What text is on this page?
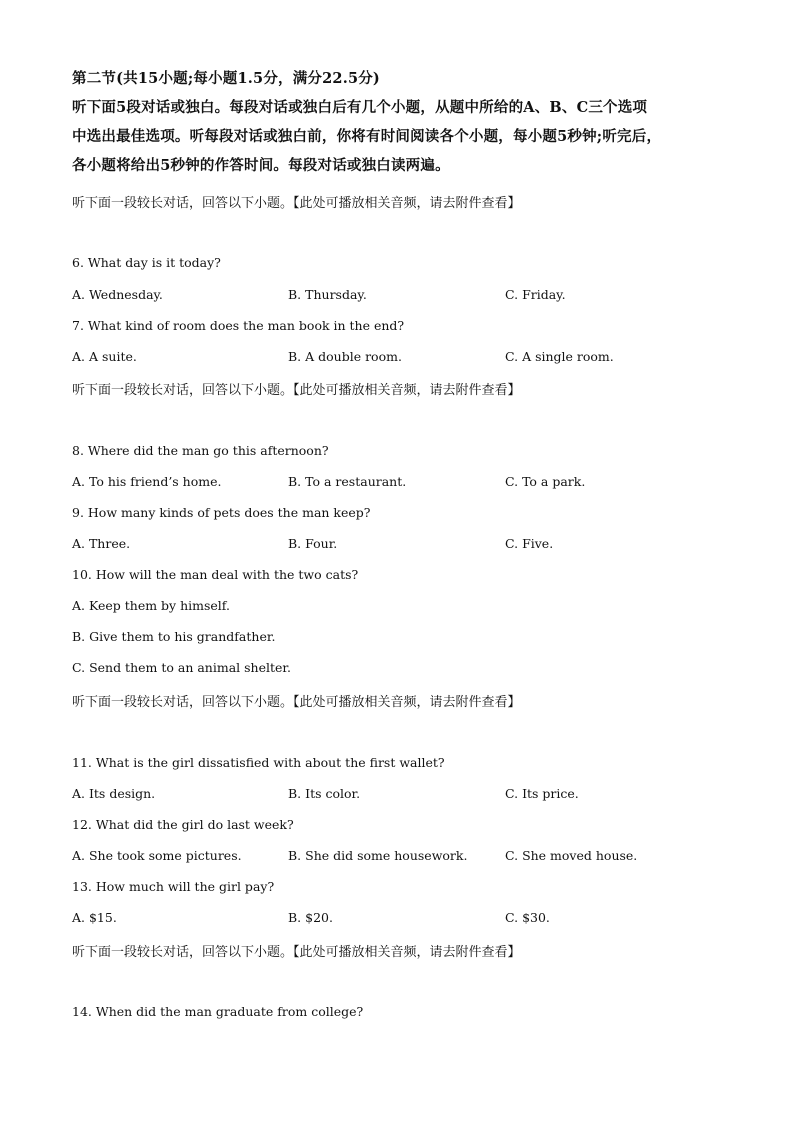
第二节(共15小题;每小题1.5分，满分22.5分)
听下面5段对话或独白。每段对话或独白后有几个小题，从题中所给的A、B、C三个选项
中选出最佳选项。听每段对话或独白前，你将有时间阅读各个小题，每小题5秒钟;听完后，
各小题将给出5秒钟的作答时间。每段对话或独白读两遍。
听下面一段较长对话，回答以下小题。【此处可播放相关音频，请去附件查看】
6. What day is it today?
A. Wednesday.	B. Thursday.	C. Friday.
7. What kind of room does the man book in the end?
A. A suite.	B. A double room.	C. A single room.
听下面一段较长对话，回答以下小题。【此处可播放相关音频，请去附件查看】
8. Where did the man go this afternoon?
A. To his friend’s home.	B. To a restaurant.	C. To a park.
9. How many kinds of pets does the man keep?
A. Three.	B. Four.	C. Five.
10. How will the man deal with the two cats?
A. Keep them by himself.
B. Give them to his grandfather.
C. Send them to an animal shelter.
听下面一段较长对话，回答以下小题。【此处可播放相关音频，请去附件查看】
11. What is the girl dissatisfied with about the first wallet?
A. Its design.	B. Its color.	C. Its price.
12. What did the girl do last week?
A. She took some pictures.	B. She did some housework.	C. She moved house.
13. How much will the girl pay?
A. $15.	B. $20.	C. $30.
听下面一段较长对话，回答以下小题。【此处可播放相关音频，请去附件查看】
14. When did the man graduate from college?
